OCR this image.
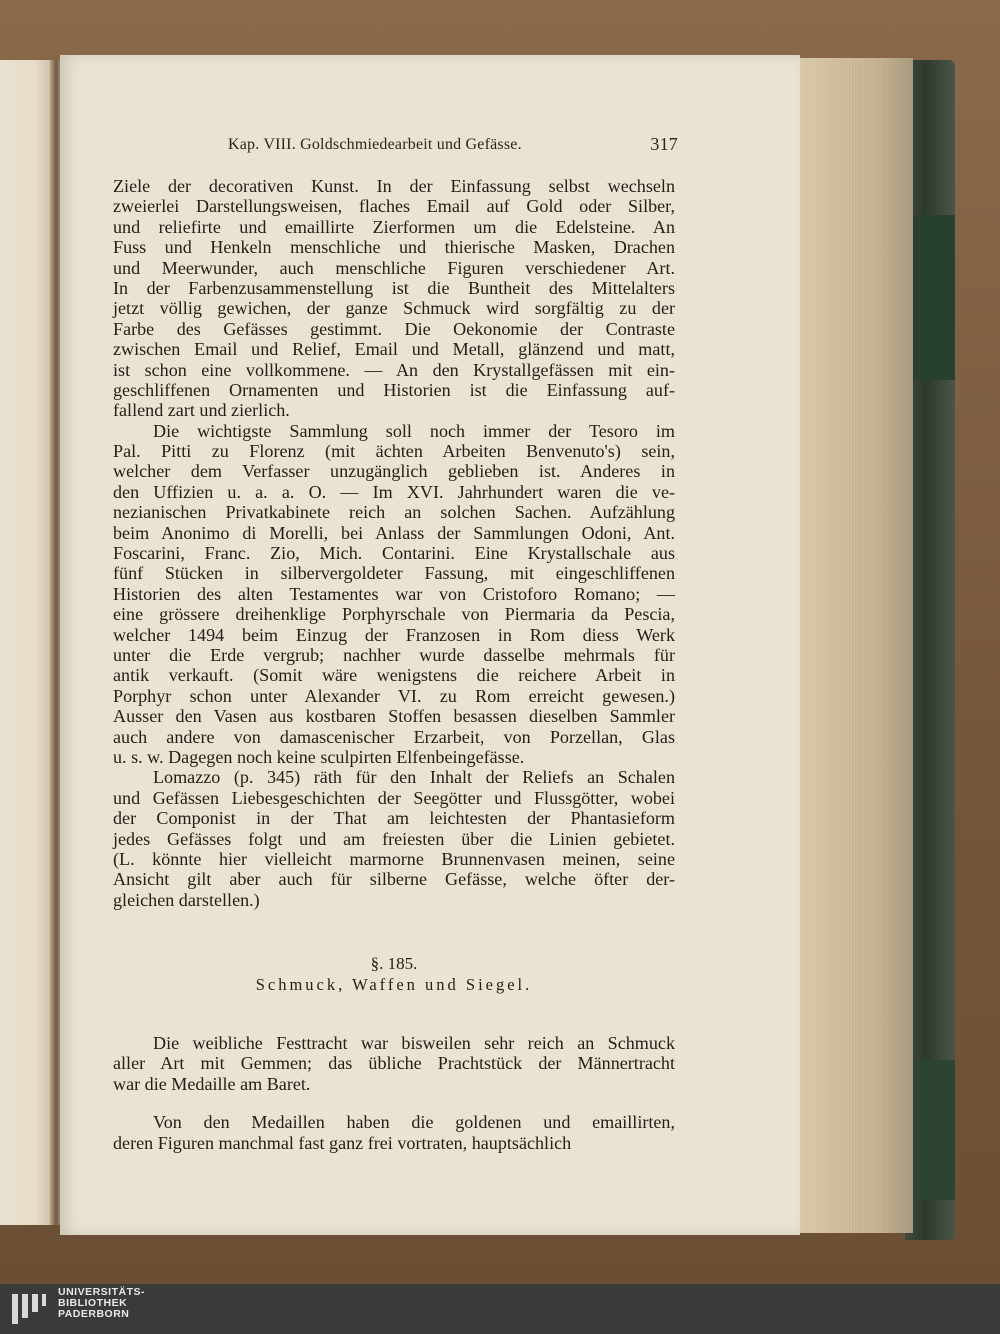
Kap. VIII. Goldschmiedearbeit und Gefässe.	317

Ziele der decorativen Kunst. In der Einfassung selbst wechseln
zweierlei Darstellungsweisen, flaches Email auf Gold oder Silber,
und reliefirte und emaillirte Zierformen um die Edelsteine. An
Fuss und Henkeln menschliche und thierische Masken, Drachen
und Meerwunder, auch menschliche Figuren verschiedener Art.
In der Farbenzusammenstellung ist die Buntheit des Mittelalters
jetzt völlig gewichen, der ganze Schmuck wird sorgfältig zu der
Farbe des Gefässes gestimmt. Die Oekonomie der Contraste
zwischen Email und Relief, Email und Metall, glänzend und matt,
ist schon eine vollkommene. — An den Krystallgefässen mit ein-
geschliffenen Ornamenten und Historien ist die Einfassung auf-
fallend zart und zierlich.

Die wichtigste Sammlung soll noch immer der Tesoro im
Pal. Pitti zu Florenz (mit ächten Arbeiten Benvenuto's) sein,
welcher dem Verfasser unzugänglich geblieben ist. Anderes in
den Uffizien u. a. a. O. — Im XVI. Jahrhundert waren die ve-
nezianischen Privatkabinete reich an solchen Sachen. Aufzählung
beim Anonimo di Morelli, bei Anlass der Sammlungen Odoni, Ant.
Foscarini, Franc. Zio, Mich. Contarini. Eine Krystallschale aus
fünf Stücken in silbervergoldeter Fassung, mit eingeschliffenen
Historien des alten Testamentes war von Cristoforo Romano; —
eine grössere dreihenklige Porphyrschale von Piermaria da Pescia,
welcher 1494 beim Einzug der Franzosen in Rom diess Werk
unter die Erde vergrub; nachher wurde dasselbe mehrmals für
antik verkauft. (Somit wäre wenigstens die reichere Arbeit in
Porphyr schon unter Alexander VI. zu Rom erreicht gewesen.)
Ausser den Vasen aus kostbaren Stoffen besassen dieselben Sammler
auch andere von damascenischer Erzarbeit, von Porzellan, Glas
u. s. w. Dagegen noch keine sculpirten Elfenbeingefässe.

Lomazzo (p. 345) räth für den Inhalt der Reliefs an Schalen
und Gefässen Liebesgeschichten der Seegötter und Flussgötter, wobei
der Componist in der That am leichtesten der Phantasieform
jedes Gefässes folgt und am freiesten über die Linien gebietet.
(L. könnte hier vielleicht marmorne Brunnenvasen meinen, seine
Ansicht gilt aber auch für silberne Gefässe, welche öfter der-
gleichen darstellen.)

§. 185.
Schmuck, Waffen und Siegel.

Die weibliche Festtracht war bisweilen sehr reich an Schmuck
aller Art mit Gemmen; das übliche Prachtstück der Männertracht
war die Medaille am Baret.

Von den Medaillen haben die goldenen und emaillirten,
deren Figuren manchmal fast ganz frei vortraten, hauptsächlich

UNIVERSITÄTS-
BIBLIOTHEK
PADERBORN
